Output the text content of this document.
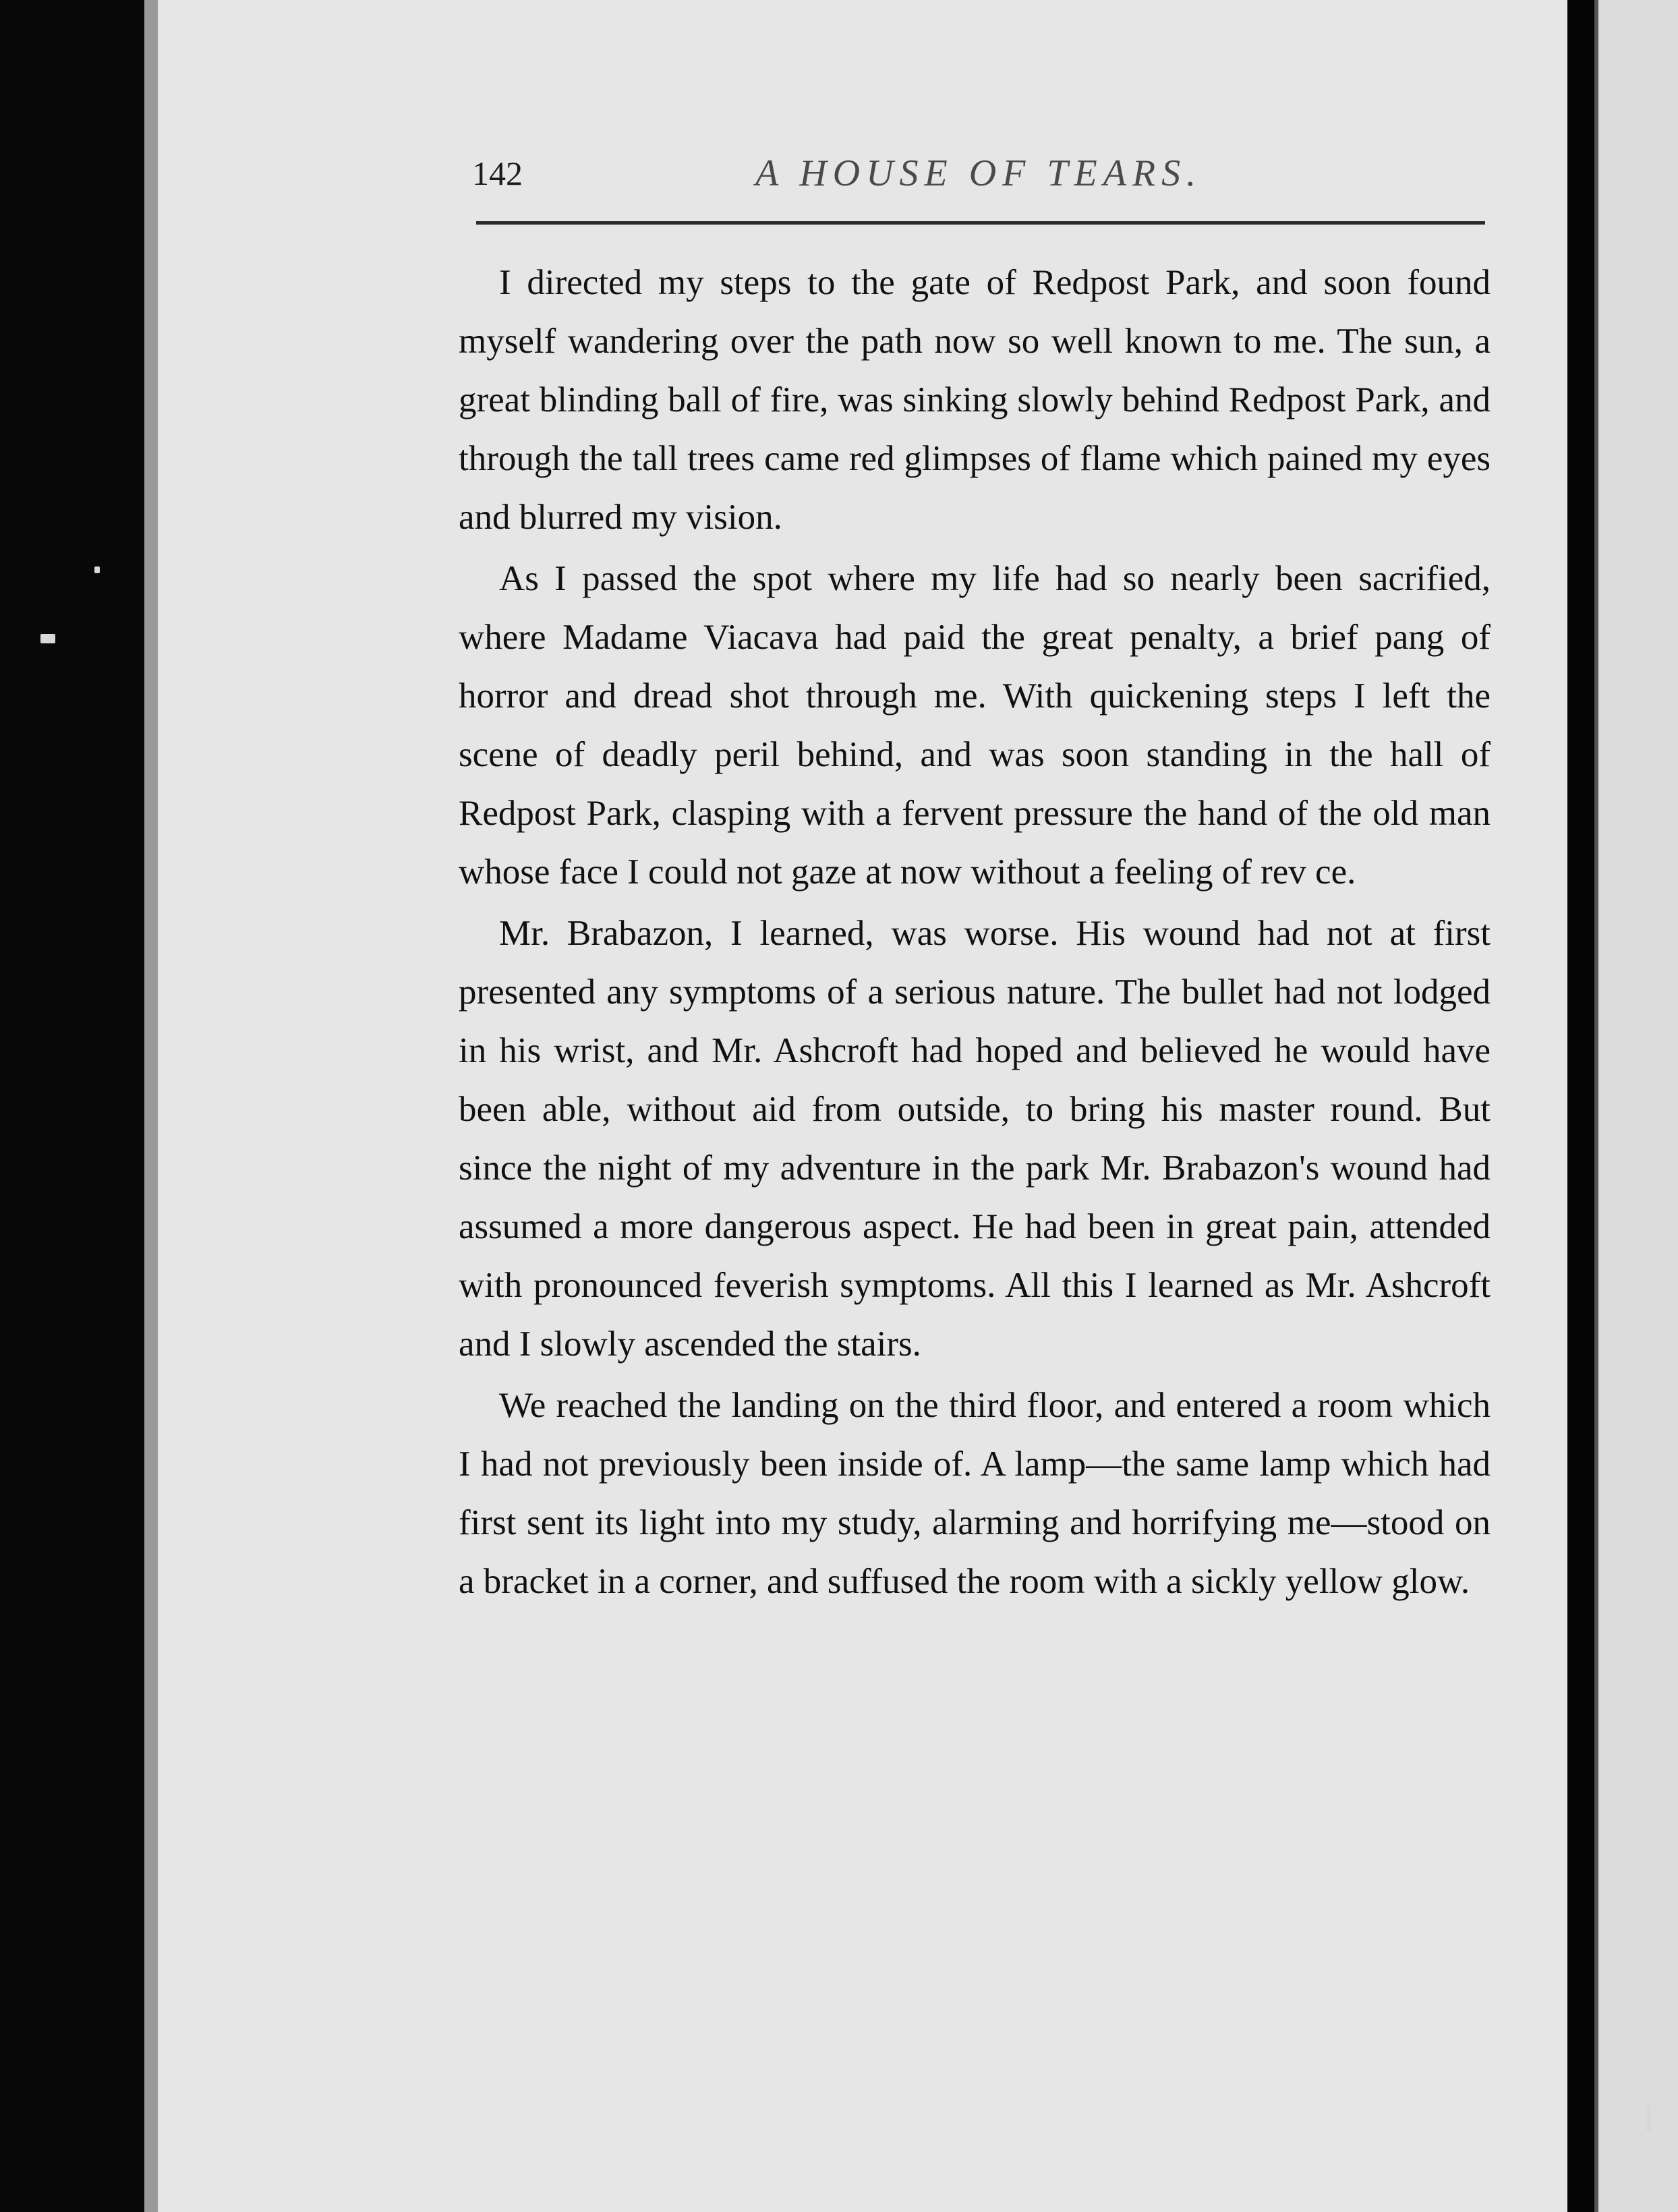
142	A HOUSE OF TEARS.

I directed my steps to the gate of Redpost Park, and soon found myself wandering over the path now so well known to me. The sun, a great blinding ball of fire, was sinking slowly behind Redpost Park, and through the tall trees came red glimpses of flame which pained my eyes and blurred my vision.

As I passed the spot where my life had so nearly been sacrified, where Madame Viacava had paid the great penalty, a brief pang of horror and dread shot through me. With quickening steps I left the scene of deadly peril behind, and was soon standing in the hall of Redpost Park, clasping with a fervent pressure the hand of the old man whose face I could not gaze at now without a feeling of rev ce.

Mr. Brabazon, I learned, was worse. His wound had not at first presented any symptoms of a serious nature. The bullet had not lodged in his wrist, and Mr. Ashcroft had hoped and believed he would have been able, without aid from outside, to bring his master round. But since the night of my adventure in the park Mr. Brabazon's wound had assumed a more dangerous aspect. He had been in great pain, attended with pronounced feverish symptoms. All this I learned as Mr. Ashcroft and I slowly ascended the stairs.

We reached the landing on the third floor, and entered a room which I had not previously been inside of. A lamp—the same lamp which had first sent its light into my study, alarming and horrifying me—stood on a bracket in a corner, and suffused the room with a sickly yellow glow.
